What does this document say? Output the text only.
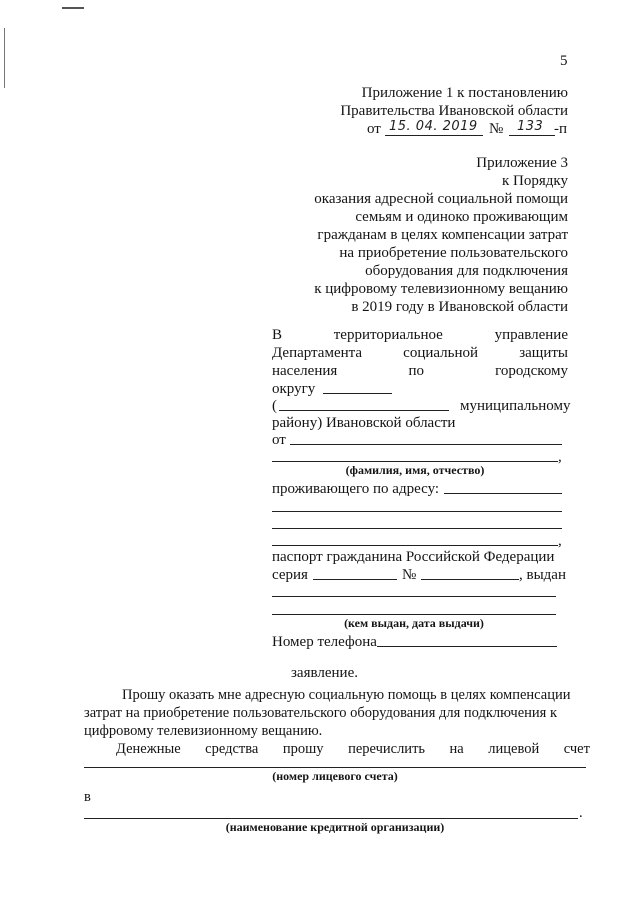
5
Приложение 1 к постановлению
Правительства Ивановской области
от 15. 04. 2019 № 133 -п
Приложение 3
к Порядку
оказания адресной социальной помощи
семьям и одиноко проживающим
гражданам в целях компенсации затрат
на приобретение пользовательского
оборудования для подключения
к цифровому телевизионному вещанию
в 2019 году в Ивановской области
В	территориальное	управление
Департамента	социальной	защиты
населения	по	городскому
округу
(	муниципальному
району) Ивановской области
от
,
(фамилия, имя, отчество)
проживающего по адресу:
,
паспорт гражданина Российской Федерации
серия	№	, выдан
(кем выдан, дата выдачи)
Номер телефона
заявление.
Прошу оказать мне адресную социальную помощь в целях компенсации
затрат на приобретение пользовательского оборудования для подключения к
цифровому телевизионному вещанию.
Денежные средства прошу перечислить на лицевой счет
(номер лицевого счета)
в
.
(наименование кредитной организации)
